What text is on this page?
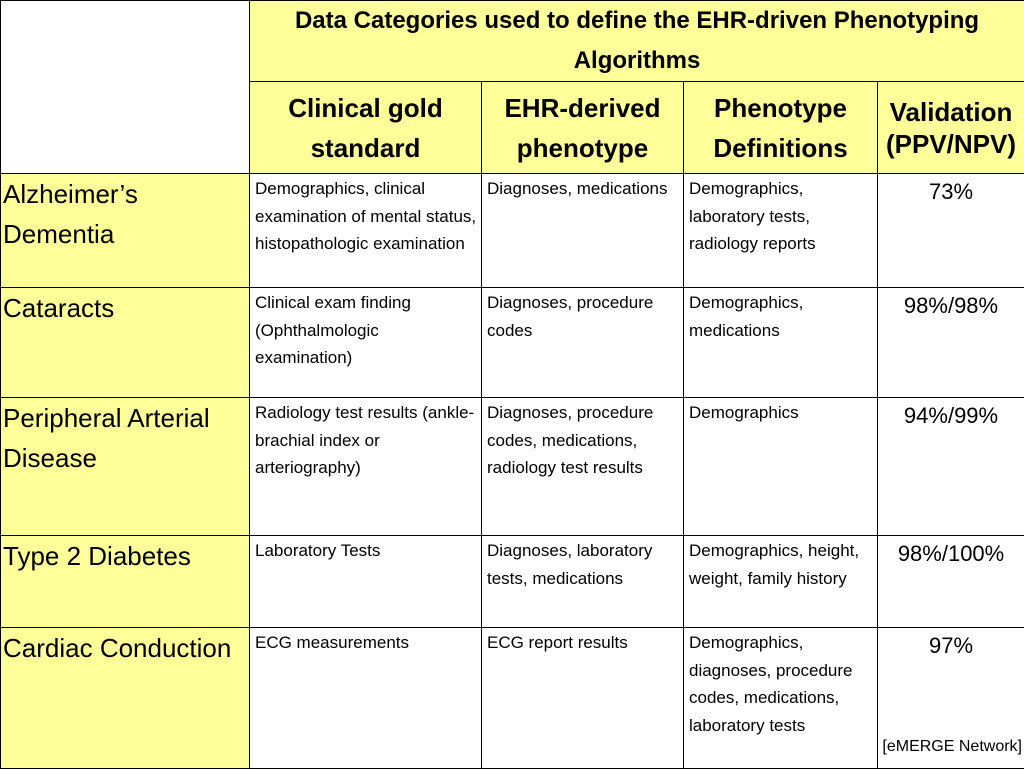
	Data Categories used to define the EHR-driven Phenotyping Algorithms			
	Clinical gold standard	EHR-derived phenotype	Phenotype Definitions	Validation (PPV/NPV)
Alzheimer’s Dementia	Demographics, clinical examination of mental status, histopathologic examination	Diagnoses, medications	Demographics, laboratory tests, radiology reports	73%
Cataracts	Clinical exam finding (Ophthalmologic examination)	Diagnoses, procedure codes	Demographics, medications	98%/98%
Peripheral Arterial Disease	Radiology test results (ankle-brachial index or arteriography)	Diagnoses, procedure codes, medications, radiology test results	Demographics	94%/99%
Type 2 Diabetes	Laboratory Tests	Diagnoses, laboratory tests, medications	Demographics, height, weight, family history	98%/100%
Cardiac Conduction	ECG measurements	ECG report results	Demographics, diagnoses, procedure codes, medications, laboratory tests	97%
[eMERGE Network]
